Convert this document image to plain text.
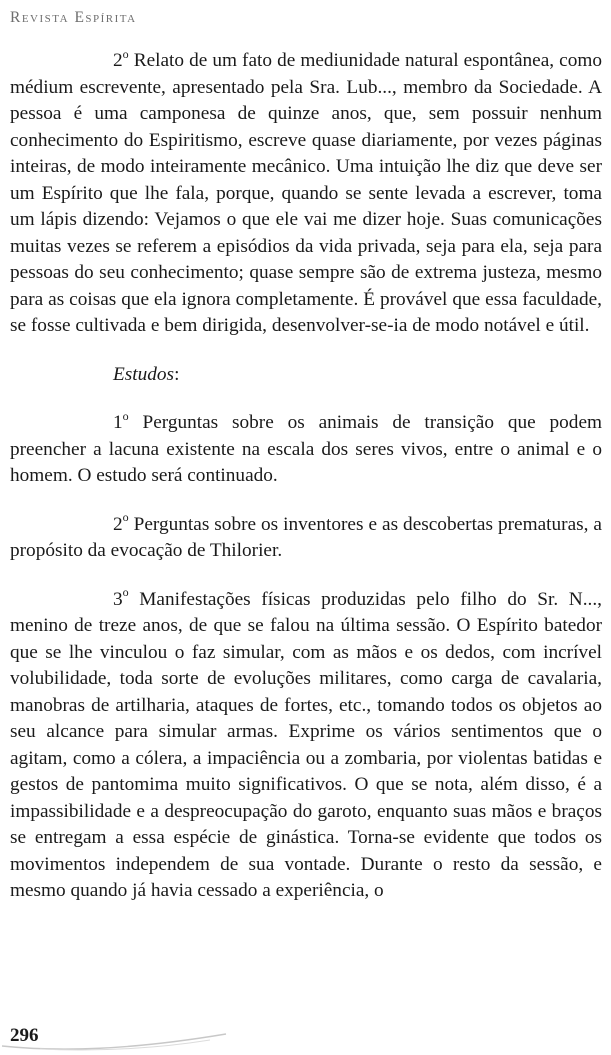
Revista Espírita

2$^o$ Relato de um fato de mediunidade natural espontânea, como médium escrevente, apresentado pela Sra. Lub..., membro da Sociedade. A pessoa é uma camponesa de quinze anos, que, sem possuir nenhum conhecimento do Espiritismo, escreve quase diariamente, por vezes páginas inteiras, de modo inteiramente mecânico. Uma intuição lhe diz que deve ser um Espírito que lhe fala, porque, quando se sente levada a escrever, toma um lápis dizendo: Vejamos o que ele vai me dizer hoje. Suas comunicações muitas vezes se referem a episódios da vida privada, seja para ela, seja para pessoas do seu conhecimento; quase sempre são de extrema justeza, mesmo para as coisas que ela ignora completamente. É provável que essa faculdade, se fosse cultivada e bem dirigida, desenvolver-se-ia de modo notável e útil.

Estudos:

1$^o$ Perguntas sobre os animais de transição que podem preencher a lacuna existente na escala dos seres vivos, entre o animal e o homem. O estudo será continuado.

2$^o$ Perguntas sobre os inventores e as descobertas prematuras, a propósito da evocação de Thilorier.

3$^o$ Manifestações físicas produzidas pelo filho do Sr. N..., menino de treze anos, de que se falou na última sessão. O Espírito batedor que se lhe vinculou o faz simular, com as mãos e os dedos, com incrível volubilidade, toda sorte de evoluções militares, como carga de cavalaria, manobras de artilharia, ataques de fortes, etc., tomando todos os objetos ao seu alcance para simular armas. Exprime os vários sentimentos que o agitam, como a cólera, a impaciência ou a zombaria, por violentas batidas e gestos de pantomima muito significativos. O que se nota, além disso, é a impassibilidade e a despreocupação do garoto, enquanto suas mãos e braços se entregam a essa espécie de ginástica. Torna-se evidente que todos os movimentos independem de sua vontade. Durante o resto da sessão, e mesmo quando já havia cessado a experiência, o

296
